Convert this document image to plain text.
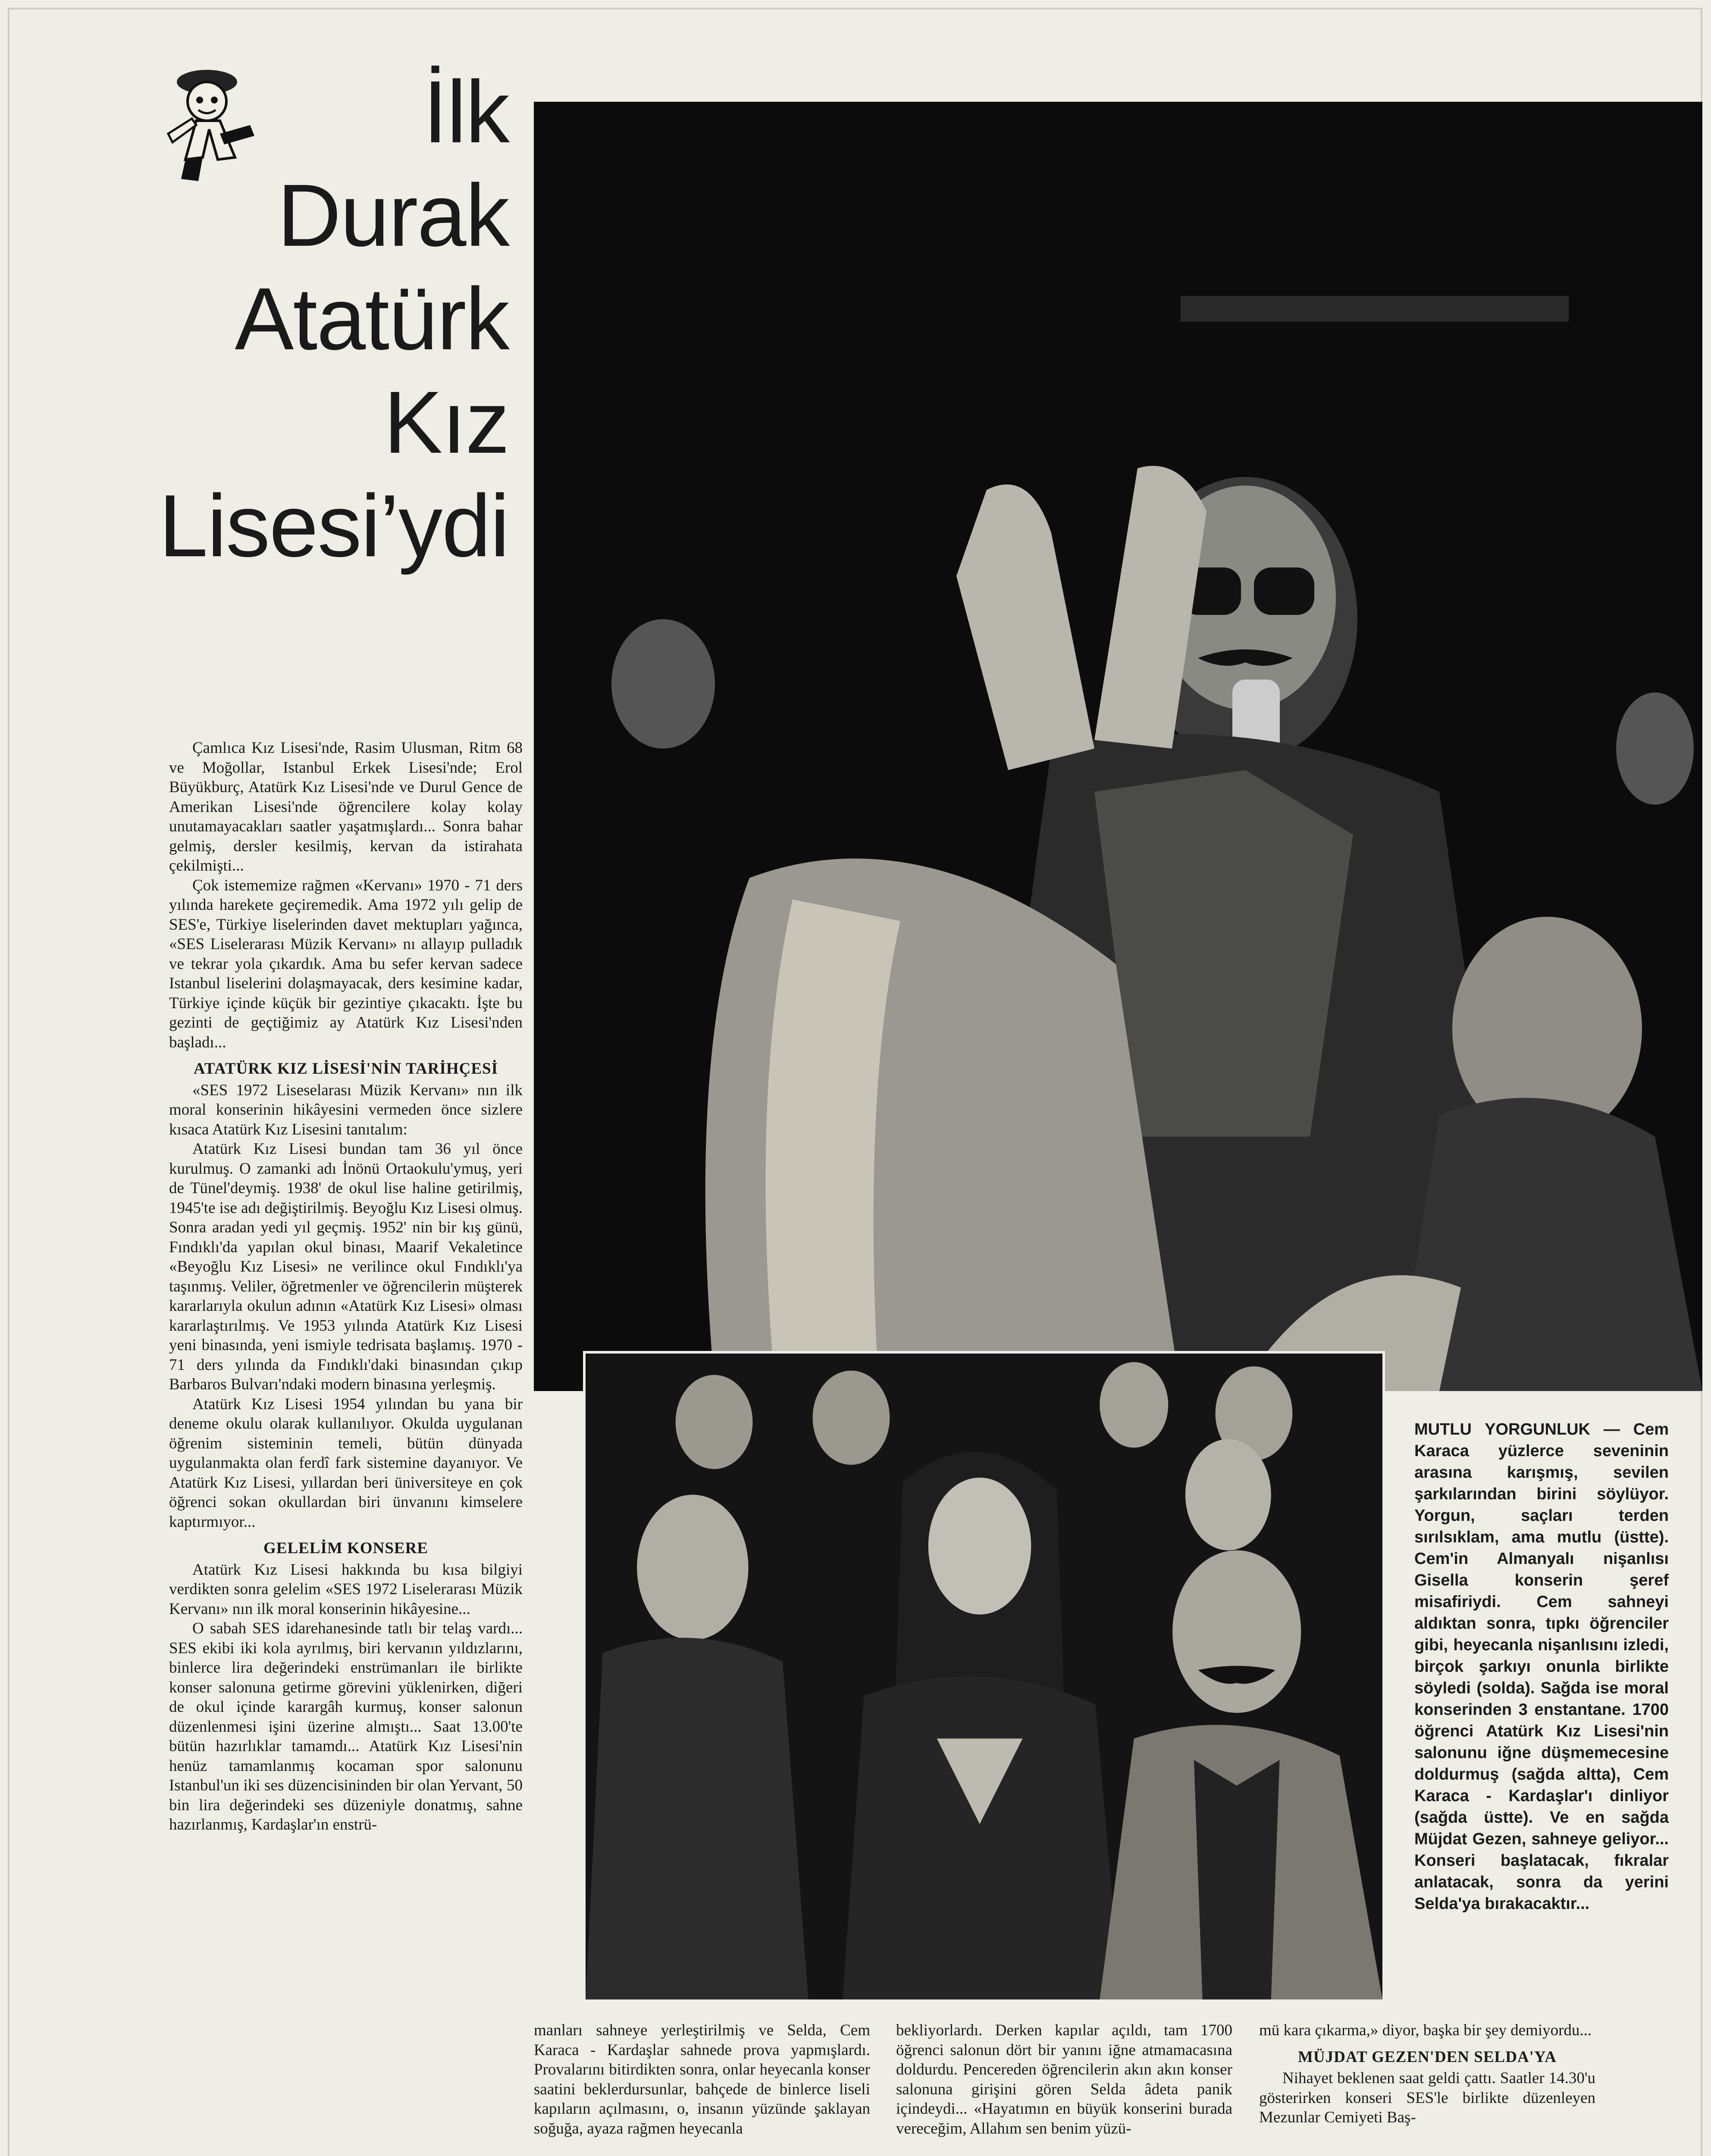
İlk
Durak
Atatürk
Kız
Lisesi’ydi

Çamlıca Kız Lisesi'nde, Rasim Ulusman, Ritm 68 ve Moğollar, Istanbul Erkek Lisesi'nde; Erol Büyükburç, Atatürk Kız Lisesi'nde ve Durul Gence de Amerikan Lisesi'nde öğrencilere kolay kolay unutamayacakları saatler yaşatmışlardı... Sonra bahar gelmiş, dersler kesilmiş, kervan da istirahata çekilmişti...

Çok istememize rağmen «Kervanı» 1970 - 71 ders yılında harekete geçiremedik. Ama 1972 yılı gelip de SES'e, Türkiye liselerinden davet mektupları yağınca, «SES Liselerarası Müzik Kervanı» nı allayıp pulladık ve tekrar yola çıkardık. Ama bu sefer kervan sadece Istanbul liselerini dolaşmayacak, ders kesimine kadar, Türkiye içinde küçük bir gezintiye çıkacaktı. İşte bu gezinti de geçtiğimiz ay Atatürk Kız Lisesi'nden başladı...

ATATÜRK KIZ LİSESİ'NİN TARİHÇESİ

«SES 1972 Liseselarası Müzik Kervanı» nın ilk moral konserinin hikâyesini vermeden önce sizlere kısaca Atatürk Kız Lisesini tanıtalım:

Atatürk Kız Lisesi bundan tam 36 yıl önce kurulmuş. O zamanki adı İnönü Ortaokulu'ymuş, yeri de Tünel'deymiş. 1938' de okul lise haline getirilmiş, 1945'te ise adı değiştirilmiş. Beyoğlu Kız Lisesi olmuş. Sonra aradan yedi yıl geçmiş. 1952' nin bir kış günü, Fındıklı'da yapılan okul binası, Maarif Vekaletince «Beyoğlu Kız Lisesi» ne verilince okul Fındıklı'ya taşınmış. Veliler, öğretmenler ve öğrencilerin müşterek kararlarıyla okulun adının «Atatürk Kız Lisesi» olması kararlaştırılmış. Ve 1953 yılında Atatürk Kız Lisesi yeni binasında, yeni ismiyle tedrisata başlamış. 1970 - 71 ders yılında da Fındıklı'daki binasından çıkıp Barbaros Bulvarı'ndaki modern binasına yerleşmiş.

Atatürk Kız Lisesi 1954 yılından bu yana bir deneme okulu olarak kullanılıyor. Okulda uygulanan öğrenim sisteminin temeli, bütün dünyada uygulanmakta olan ferdî fark sistemine dayanıyor. Ve Atatürk Kız Lisesi, yıllardan beri üniversiteye en çok öğrenci sokan okullardan biri ünvanını kimselere kaptırmıyor...

GELELİM KONSERE

Atatürk Kız Lisesi hakkında bu kısa bilgiyi verdikten sonra gelelim «SES 1972 Liselerarası Müzik Kervanı» nın ilk moral konserinin hikâyesine...

O sabah SES idarehanesinde tatlı bir telaş vardı... SES ekibi iki kola ayrılmış, biri kervanın yıldızlarını, binlerce lira değerindeki enstrümanları ile birlikte konser salonuna getirme görevini yüklenirken, diğeri de okul içinde karargâh kurmuş, konser salonun düzenlenmesi işini üzerine almıştı... Saat 13.00'te bütün hazırlıklar tamamdı... Atatürk Kız Lisesi'nin henüz tamamlanmış kocaman spor salonunu Istanbul'un iki ses düzencisininden bir olan Yervant, 50 bin lira değerindeki ses düzeniyle donatmış, sahne hazırlanmış, Kardaşlar'ın enstrü-

MUTLU YORGUNLUK — Cem Karaca yüzlerce seveninin arasına karışmış, sevilen şarkılarından birini söylüyor. Yorgun, saçları terden sırılsıklam, ama mutlu (üstte). Cem'in Almanyalı nişanlısı Gisella konserin şeref misafiriydi. Cem sahneyi aldıktan sonra, tıpkı öğrenciler gibi, heyecanla nişanlısını izledi, birçok şarkıyı onunla birlikte söyledi (solda). Sağda ise moral konserinden 3 enstantane. 1700 öğrenci Atatürk Kız Lisesi'nin salonunu iğne düşmemecesine doldurmuş (sağda altta), Cem Karaca - Kardaşlar'ı dinliyor (sağda üstte). Ve en sağda Müjdat Gezen, sahneye geliyor... Konseri başlatacak, fıkralar anlatacak, sonra da yerini Selda'ya bırakacaktır...

manları sahneye yerleştirilmiş ve Selda, Cem Karaca - Kardaşlar sahnede prova yapmışlardı. Provalarını bitirdikten sonra, onlar heyecanla konser saatini beklerdursunlar, bahçede de binlerce liseli kapıların açılmasını, o, insanın yüzünde şaklayan soğuğa, ayaza rağmen heyecanla

bekliyorlardı. Derken kapılar açıldı, tam 1700 öğrenci salonun dört bir yanını iğne atmamacasına doldurdu. Pencereden öğrencilerin akın akın konser salonuna girişini gören Selda âdeta panik içindeydi... «Hayatımın en büyük konserini burada vereceğim, Allahım sen benim yüzü-

mü kara çıkarma,» diyor, başka bir şey demiyordu...

MÜJDAT GEZEN'DEN SELDA'YA

Nihayet beklenen saat geldi çattı. Saatler 14.30'u gösterirken konseri SES'le birlikte düzenleyen Mezunlar Cemiyeti Baş-
